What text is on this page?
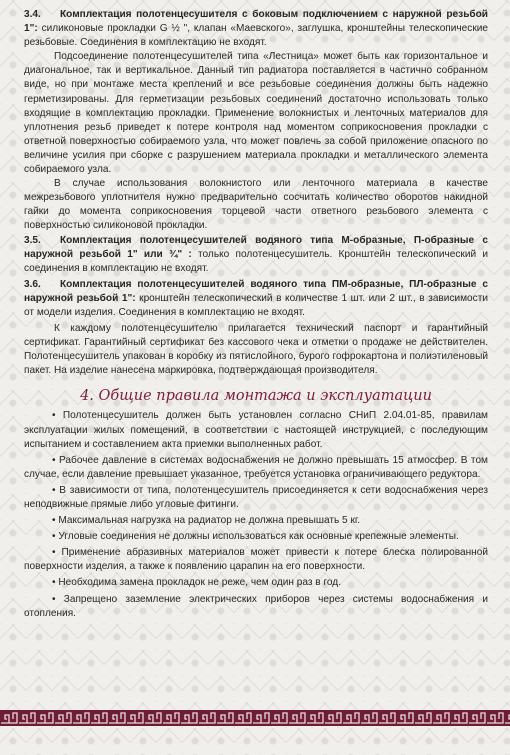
3.4. Комплектация полотенцесушителя с боковым подключением с наружной резьбой 1": силиконовые прокладки G ½ ", клапан «Маевского», заглушка, кронштейны телескопические резьбовые. Соединения в комплектацию не входят.

Подсоединение полотенцесушителей типа «Лестница» может быть как горизонтальное и диагональное, так и вертикальное. Данный тип радиатора поставляется в частично собранном виде, но при монтаже места креплений и все резьбовые соединения должны быть надежно герметизированы. Для герметизации резьбовых соединений достаточно использовать только входящие в комплектацию прокладки. Применение волокнистых и ленточных материалов для уплотнения резьб приведет к потере контроля над моментом соприкосновения прокладки с ответной поверхностью собираемого узла, что может повлечь за собой приложение опасного по величине усилия при сборке с разрушением материала прокладки и металлического элемента собираемого узла.

В случае использования волокнистого или ленточного материала в качестве межрезьбового уплотнителя нужно предварительно сосчитать количество оборотов накидной гайки до момента соприкосновения торцевой части ответного резьбового элемента с поверхностью силиконовой прокладки.

3.5. Комплектация полотенцесушителей водяного типа М-образные, П-образные с наружной резьбой 1" или ¾" : только полотенцесушитель. Кронштейн телескопический и соединения в комплектацию не входят.

3.6. Комплектация полотенцесушителей водяного типа ПМ-образные, ПЛ-образные с наружной резьбой 1": кронштейн телескопический в количестве 1 шт. или 2 шт., в зависимости от модели изделия. Соединения в комплектацию не входят.

К каждому полотенцесушителю прилагается технический паспорт и гарантийный сертификат. Гарантийный сертификат без кассового чека и отметки о продаже не действителен. Полотенцесушитель упакован в коробку из пятислойного, бурого гофрокартона и полиэтиленовый пакет. На изделие нанесена маркировка, подтверждающая производителя.

4. Общие правила монтажа и эксплуатации

• Полотенцесушитель должен быть установлен согласно СНиП 2.04.01-85, правилам эксплуатации жилых помещений, в соответствии с настоящей инструкцией, с последующим испытанием и составлением акта приемки выполненных работ.

• Рабочее давление в системах водоснабжения не должно превышать 15 атмосфер. В том случае, если давление превышает указанное, требуется установка ограничивающего редуктора.

• В зависимости от типа, полотенцесушитель присоединяется к сети водоснабжения через неподвижные прямые либо угловые фитинги.

• Максимальная нагрузка на радиатор не должна превышать 5 кг.

• Угловые соединения не должны использоваться как основные крепежные элементы.

• Применение абразивных материалов может привести к потере блеска полированной поверхности изделия, а также к появлению царапин на его поверхности.

• Необходима замена прокладок не реже, чем один раз в год.

• Запрещено заземление электрических приборов через системы водоснабжения и отопления.
